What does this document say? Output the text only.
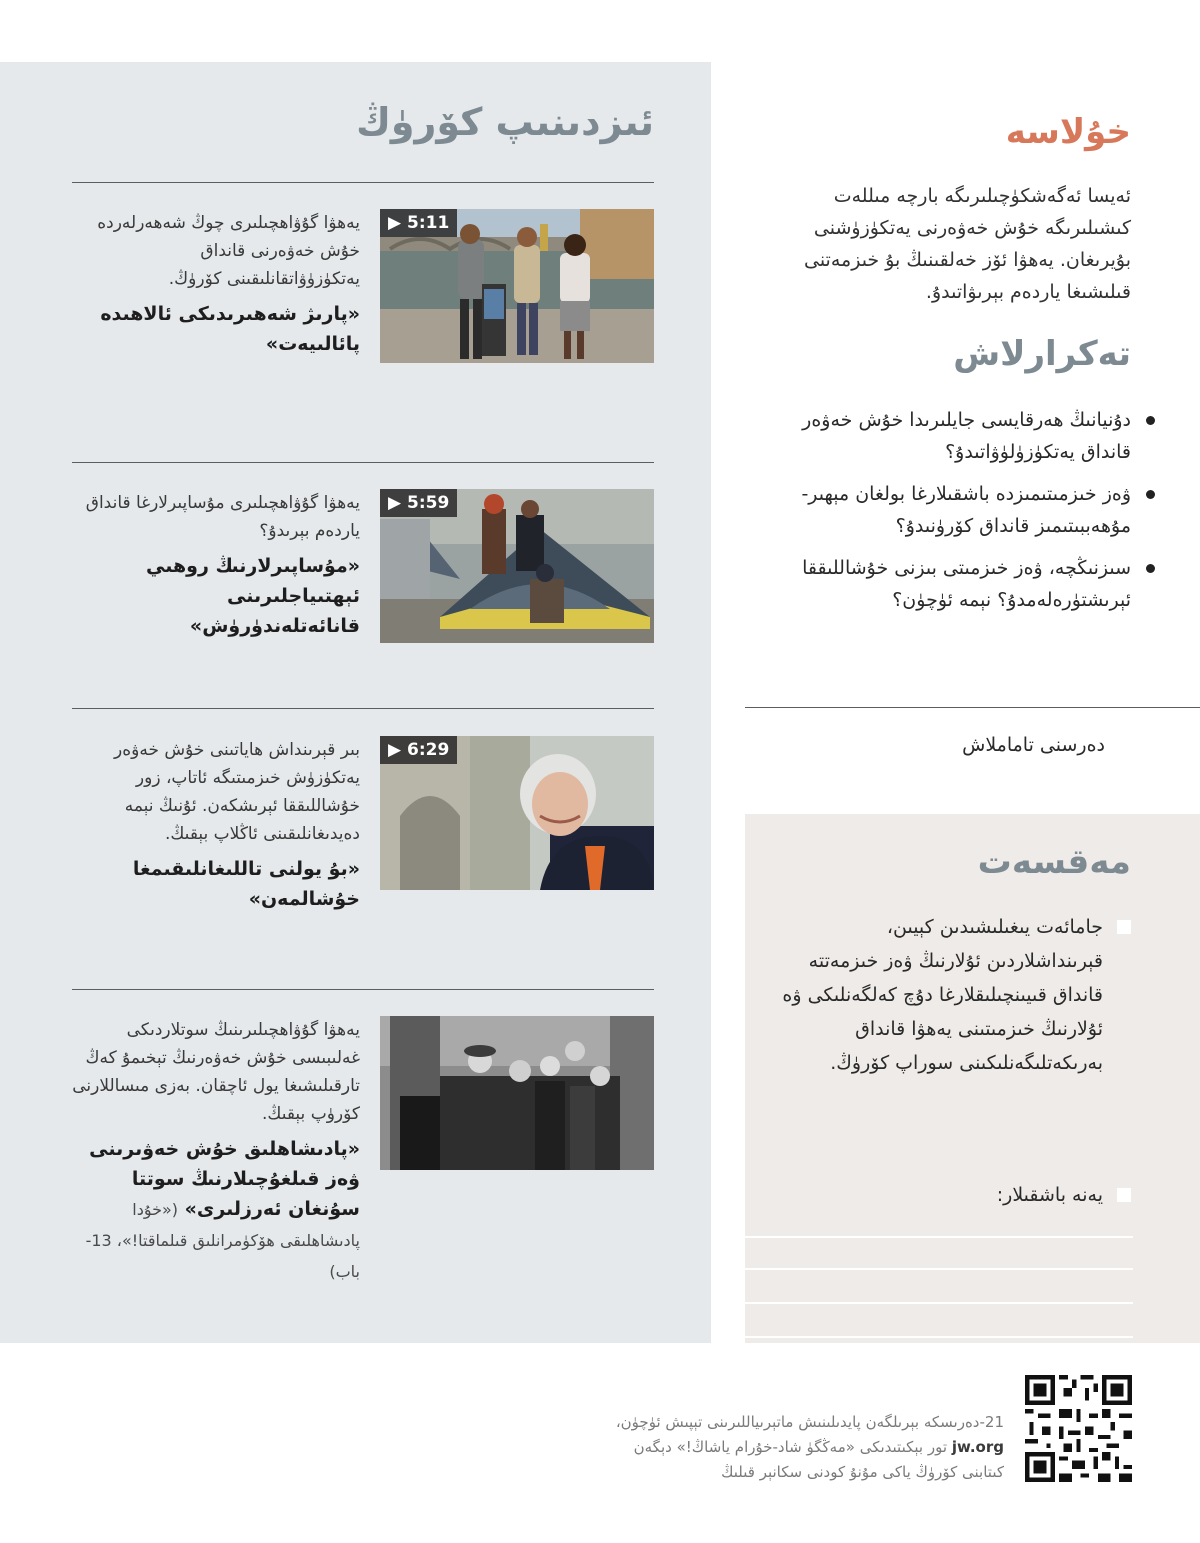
ئىزدىنىپ كۆرۈڭ
▶ 5:11
يەھۋا گۇۋاھچىلىرى چوڭ شەھەرلەردە خۇش خەۋەرنى قانداق يەتكۈزۈۋاتقانلىقىنى كۆرۈڭ.
«پارىژ شەھىرىدىكى ئالاھىدە پائالىيەت»
▶ 5:59
يەھۋا گۇۋاھچىلىرى مۇساپىرلارغا قانداق ياردەم بېرىدۇ؟
«مۇساپىرلارنىڭ روھىي ئېھتىياجلىرىنى قانائەتلەندۈرۈش»
▶ 6:29
بىر قېرىنداش ھاياتىنى خۇش خەۋەر يەتكۈزۈش خىزمىتىگە ئاتاپ، زور خۇشاللىققا ئېرىشكەن. ئۇنىڭ نېمە دەيدىغانلىقىنى ئاڭلاپ بېقىڭ.
«بۇ يولنى تاللىغانلىقىمغا خۇشالمەن»
يەھۋا گۇۋاھچىلىرىنىڭ سوتلاردىكى غەلىبىسى خۇش خەۋەرنىڭ تېخىمۇ كەڭ تارقىلىشىغا يول ئاچقان. بەزى مىساللارنى كۆرۈپ بېقىڭ.
«پادىشاھلىق خۇش خەۋىرىنى ۋەز قىلغۇچىلارنىڭ سوتتا سۇنغان ئەرزلىرى» («خۇدا پادىشاھلىقى ھۆكۈمرانلىق قىلماقتا!»، 13-باب)
خۇلاسە
ئەيسا ئەگەشكۈچىلىرىگە بارچە مىللەت كىشىلىرىگە خۇش خەۋەرنى يەتكۈزۈشنى بۇيرىغان. يەھۋا ئۆز خەلقىنىڭ بۇ خىزمەتنى قىلىشىغا ياردەم بېرىۋاتىدۇ.
تەكرارلاش
دۇنيانىڭ ھەرقايسى جايلىرىدا خۇش خەۋەر قانداق يەتكۈزۈلۈۋاتىدۇ؟
ۋەز خىزمىتىمىزدە باشقىلارغا بولغان مېھىر-مۇھەببىتىمىز قانداق كۆرۈنىدۇ؟
سىزنىڭچە، ۋەز خىزمىتى بىزنى خۇشاللىققا ئېرىشتۈرەلەمدۇ؟ نېمە ئۈچۈن؟
دەرسنى تاماملاش
مەقسەت
جامائەت يىغىلىشىدىن كېيىن، قېرىنداشلاردىن ئۇلارنىڭ ۋەز خىزمەتتە قانداق قىيىنچىلىقلارغا دۇچ كەلگەنلىكى ۋە ئۇلارنىڭ خىزمىتىنى يەھۋا قانداق بەرىكەتلىگەنلىكىنى سوراپ كۆرۈڭ.
يەنە باشقىلار:
21-دەرىسكە بېرىلگەن پايدىلىنىش ماتېرىياللىرىنى تېپىش ئۈچۈن،
jw.org تور بېكىتىدىكى «مەڭگۈ شاد-خۇرام ياشاڭ!» دېگەن
كىتابنى كۆرۈڭ ياكى مۇنۇ كودنى سكانېر قىلىڭ
